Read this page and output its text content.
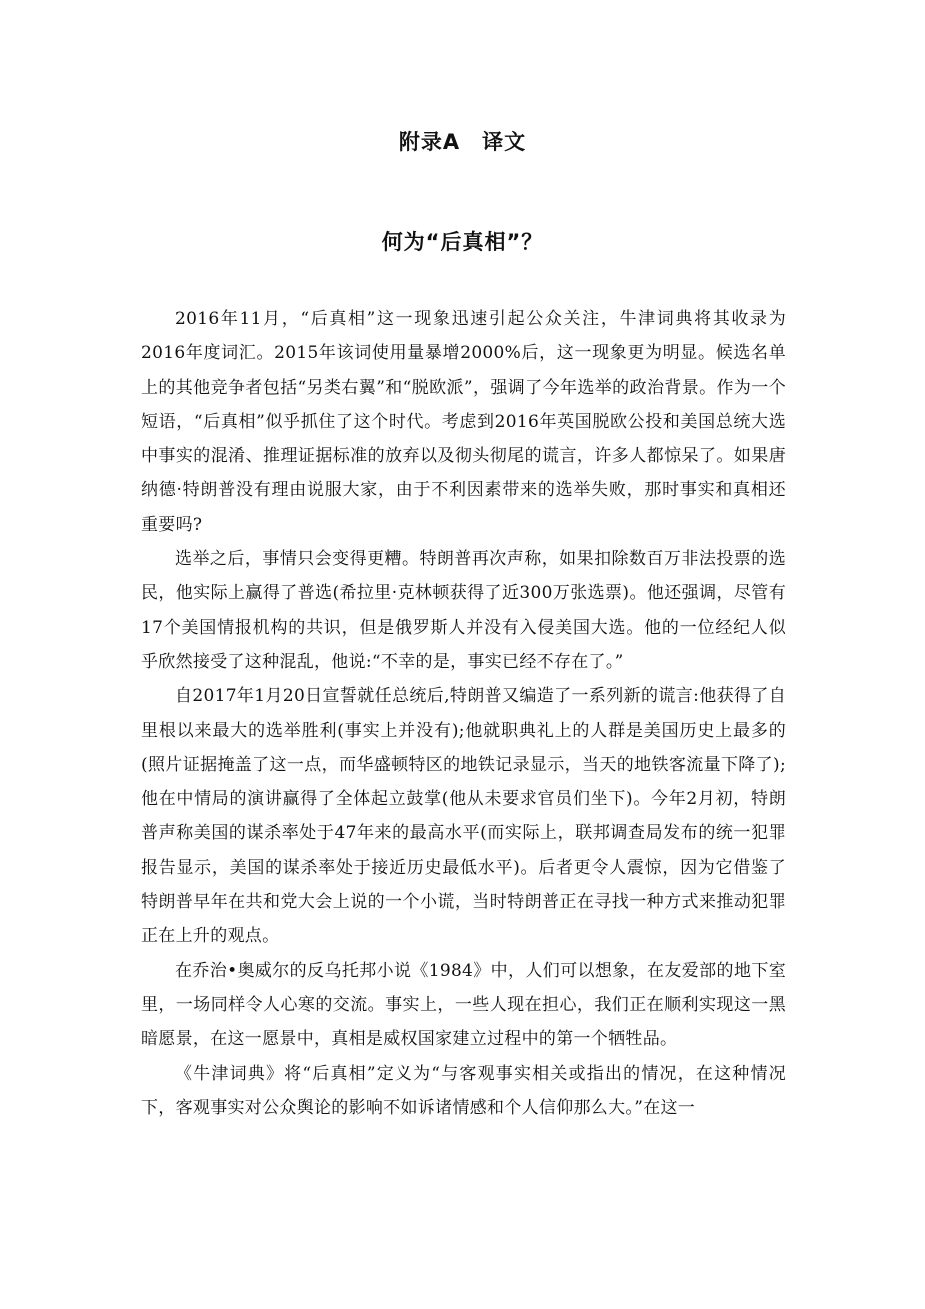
附录A 译文
何为“后真相”？

2016年11月，“后真相”这一现象迅速引起公众关注，牛津词典将其收录为2016年度词汇。2015年该词使用量暴增2000%后，这一现象更为明显。候选名单上的其他竞争者包括“另类右翼”和“脱欧派”，强调了今年选举的政治背景。作为一个短语，“后真相”似乎抓住了这个时代。考虑到2016年英国脱欧公投和美国总统大选中事实的混淆、推理证据标准的放弃以及彻头彻尾的谎言，许多人都惊呆了。如果唐纳德·特朗普没有理由说服大家，由于不利因素带来的选举失败，那时事实和真相还重要吗?

选举之后，事情只会变得更糟。特朗普再次声称，如果扣除数百万非法投票的选民，他实际上赢得了普选(希拉里·克林顿获得了近300万张选票)。他还强调，尽管有17个美国情报机构的共识，但是俄罗斯人并没有入侵美国大选。他的一位经纪人似乎欣然接受了这种混乱，他说:“不幸的是，事实已经不存在了。”

自2017年1月20日宣誓就任总统后,特朗普又编造了一系列新的谎言:他获得了自里根以来最大的选举胜利(事实上并没有);他就职典礼上的人群是美国历史上最多的(照片证据掩盖了这一点，而华盛顿特区的地铁记录显示，当天的地铁客流量下降了);他在中情局的演讲赢得了全体起立鼓掌(他从未要求官员们坐下)。今年2月初，特朗普声称美国的谋杀率处于47年来的最高水平(而实际上，联邦调查局发布的统一犯罪报告显示，美国的谋杀率处于接近历史最低水平)。后者更令人震惊，因为它借鉴了特朗普早年在共和党大会上说的一个小谎，当时特朗普正在寻找一种方式来推动犯罪正在上升的观点。

在乔治•奥威尔的反乌托邦小说《1984》中，人们可以想象，在友爱部的地下室里，一场同样令人心寒的交流。事实上，一些人现在担心，我们正在顺利实现这一黑暗愿景，在这一愿景中，真相是威权国家建立过程中的第一个牺牲品。

《牛津词典》将“后真相”定义为“与客观事实相关或指出的情况，在这种情况下，客观事实对公众舆论的影响不如诉诸情感和个人信仰那么大。”在这一
